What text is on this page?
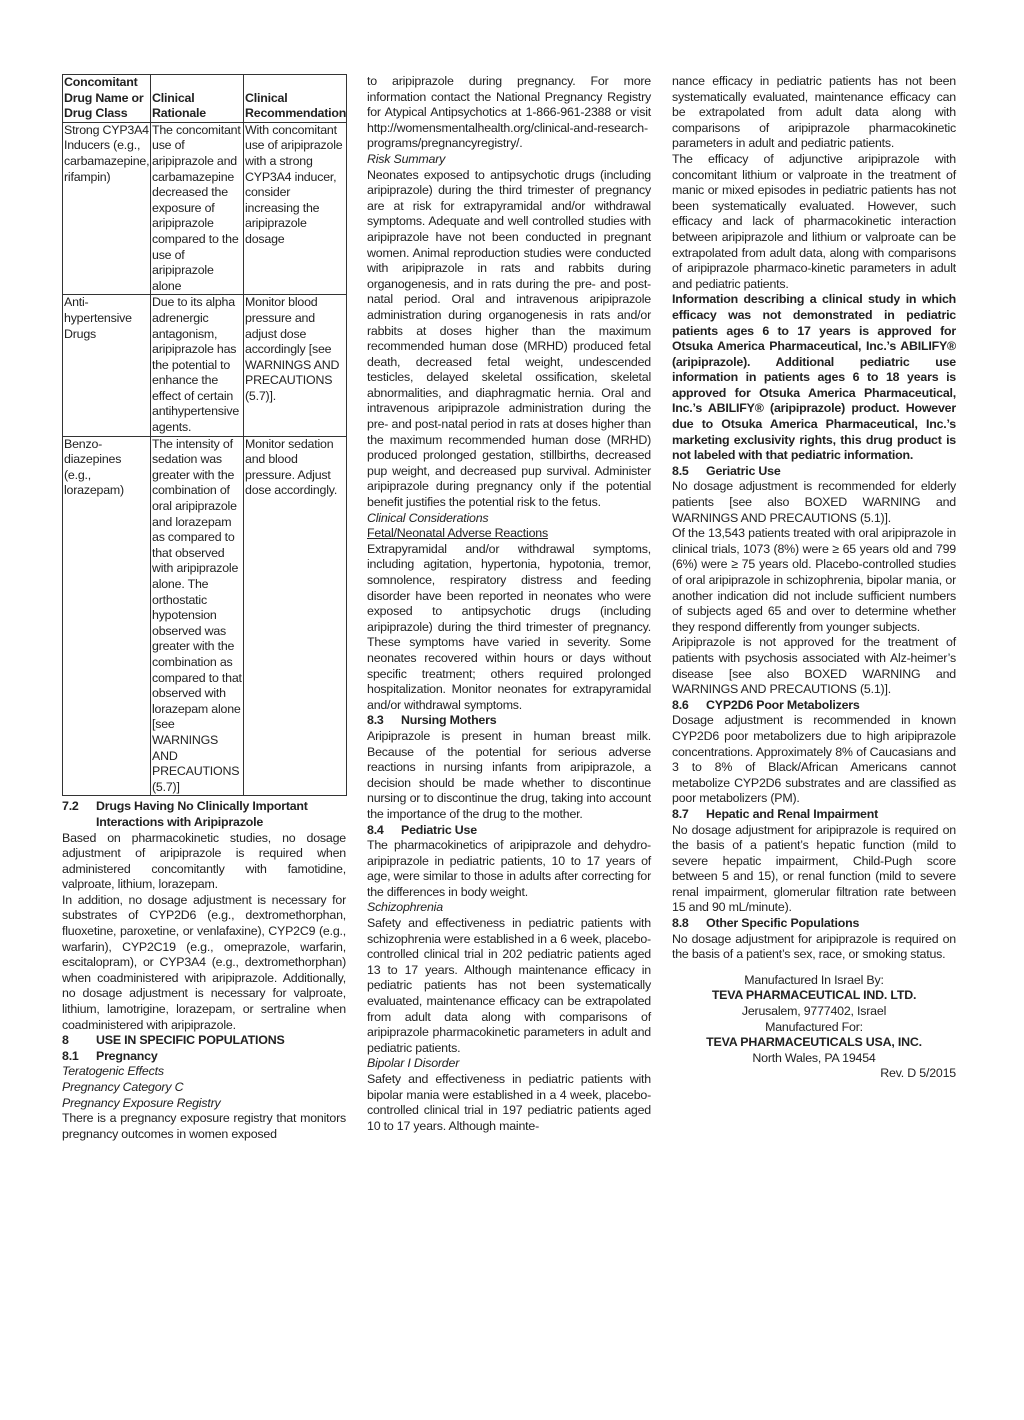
Concomitant Drug Name or Drug Class	Clinical Rationale	Clinical Recommendation
Strong CYP3A4 Inducers (e.g., carbamazepine, rifampin)	The concomitant use of aripiprazole and carbamazepine decreased the exposure of aripiprazole compared to the use of aripiprazole alone	With concomitant use of aripiprazole with a strong CYP3A4 inducer, consider increasing the aripiprazole dosage
Anti-hypertensive Drugs	Due to its alpha adrenergic antagonism, aripiprazole has the potential to enhance the effect of certain antihypertensive agents.	Monitor blood pressure and adjust dose accordingly [see WARNINGS AND PRECAUTIONS (5.7)].
Benzo-diazepines (e.g., lorazepam)	The intensity of sedation was greater with the combination of oral aripiprazole and lorazepam as compared to that observed with aripiprazole alone. The orthostatic hypotension observed was greater with the combination as compared to that observed with lorazepam alone [see WARNINGS AND PRECAUTIONS (5.7)]	Monitor sedation and blood pressure. Adjust dose accordingly.
7.2	Drugs Having No Clinically Important Interactions with Aripiprazole

Based on pharmacokinetic studies, no dosage adjustment of aripiprazole is required when administered concomitantly with famotidine, valproate, lithium, lorazepam.

In addition, no dosage adjustment is necessary for substrates of CYP2D6 (e.g., dextromethorphan, fluoxetine, paroxetine, or venlafaxine), CYP2C9 (e.g., warfarin), CYP2C19 (e.g., omeprazole, warfarin, escitalopram), or CYP3A4 (e.g., dextromethorphan) when coadministered with aripiprazole. Additionally, no dosage adjustment is necessary for valproate, lithium, lamotrigine, lorazepam, or sertraline when coadministered with aripiprazole.

8	USE IN SPECIFIC POPULATIONS
8.1	Pregnancy

Teratogenic Effects

Pregnancy Category C

Pregnancy Exposure Registry

There is a pregnancy exposure registry that monitors pregnancy outcomes in women exposed

to aripiprazole during pregnancy. For more information contact the National Pregnancy Registry for Atypical Antipsychotics at 1-866-961-2388 or visit http://womensmentalhealth.org/clinical-and-research-programs/pregnancyregistry/.

Risk Summary

Neonates exposed to antipsychotic drugs (including aripiprazole) during the third trimester of pregnancy are at risk for extrapyramidal and/or withdrawal symptoms. Adequate and well controlled studies with aripiprazole have not been conducted in pregnant women. Animal reproduction studies were conducted with aripiprazole in rats and rabbits during organogenesis, and in rats during the pre- and post-natal period. Oral and intravenous aripiprazole administration during organogenesis in rats and/or rabbits at doses higher than the maximum recommended human dose (MRHD) produced fetal death, decreased fetal weight, undescended testicles, delayed skeletal ossification, skeletal abnormalities, and diaphragmatic hernia. Oral and intravenous aripiprazole administration during the pre- and post-natal period in rats at doses higher than the maximum recommended human dose (MRHD) produced prolonged gestation, stillbirths, decreased pup weight, and decreased pup survival. Administer aripiprazole during pregnancy only if the potential benefit justifies the potential risk to the fetus.

Clinical Considerations

Fetal/Neonatal Adverse Reactions

Extrapyramidal and/or withdrawal symptoms, including agitation, hypertonia, hypotonia, tremor, somnolence, respiratory distress and feeding disorder have been reported in neonates who were exposed to antipsychotic drugs (including aripiprazole) during the third trimester of pregnancy. These symptoms have varied in severity. Some neonates recovered within hours or days without specific treatment; others required prolonged hospitalization. Monitor neonates for extrapyramidal and/or withdrawal symptoms.

8.3	Nursing Mothers

Aripiprazole is present in human breast milk. Because of the potential for serious adverse reactions in nursing infants from aripiprazole, a decision should be made whether to discontinue nursing or to discontinue the drug, taking into account the importance of the drug to the mother.

8.4	Pediatric Use

The pharmacokinetics of aripiprazole and dehydro-aripiprazole in pediatric patients, 10 to 17 years of age, were similar to those in adults after correcting for the differences in body weight.

Schizophrenia

Safety and effectiveness in pediatric patients with schizophrenia were established in a 6 week, placebo-controlled clinical trial in 202 pediatric patients aged 13 to 17 years. Although maintenance efficacy in pediatric patients has not been systematically evaluated, maintenance efficacy can be extrapolated from adult data along with comparisons of aripiprazole pharmacokinetic parameters in adult and pediatric patients.

Bipolar I Disorder

Safety and effectiveness in pediatric patients with bipolar mania were established in a 4 week, placebo-controlled clinical trial in 197 pediatric patients aged 10 to 17 years. Although mainte-

nance efficacy in pediatric patients has not been systematically evaluated, maintenance efficacy can be extrapolated from adult data along with comparisons of aripiprazole pharmacokinetic parameters in adult and pediatric patients.

The efficacy of adjunctive aripiprazole with concomitant lithium or valproate in the treatment of manic or mixed episodes in pediatric patients has not been systematically evaluated. However, such efficacy and lack of pharmacokinetic interaction between aripiprazole and lithium or valproate can be extrapolated from adult data, along with comparisons of aripiprazole pharmaco-kinetic parameters in adult and pediatric patients.

Information describing a clinical study in which efficacy was not demonstrated in pediatric patients ages 6 to 17 years is approved for Otsuka America Pharmaceutical, Inc.’s ABILIFY® (aripiprazole). Additional pediatric use information in patients ages 6 to 18 years is approved for Otsuka America Pharmaceutical, Inc.’s ABILIFY® (aripiprazole) product. However due to Otsuka America Pharmaceutical, Inc.’s marketing exclusivity rights, this drug product is not labeled with that pediatric information.

8.5	Geriatric Use

No dosage adjustment is recommended for elderly patients [see also BOXED WARNING and WARNINGS AND PRECAUTIONS (5.1)].

Of the 13,543 patients treated with oral aripiprazole in clinical trials, 1073 (8%) were ≥ 65 years old and 799 (6%) were ≥ 75 years old. Placebo-controlled studies of oral aripiprazole in schizophrenia, bipolar mania, or another indication did not include sufficient numbers of subjects aged 65 and over to determine whether they respond differently from younger subjects.

Aripiprazole is not approved for the treatment of patients with psychosis associated with Alz-heimer’s disease [see also BOXED WARNING and WARNINGS AND PRECAUTIONS (5.1)].

8.6	CYP2D6 Poor Metabolizers

Dosage adjustment is recommended in known CYP2D6 poor metabolizers due to high aripiprazole concentrations. Approximately 8% of Caucasians and 3 to 8% of Black/African Americans cannot metabolize CYP2D6 substrates and are classified as poor metabolizers (PM).

8.7	Hepatic and Renal Impairment

No dosage adjustment for aripiprazole is required on the basis of a patient’s hepatic function (mild to severe hepatic impairment, Child-Pugh score between 5 and 15), or renal function (mild to severe renal impairment, glomerular filtration rate between 15 and 90 mL/minute).

8.8	Other Specific Populations

No dosage adjustment for aripiprazole is required on the basis of a patient’s sex, race, or smoking status.

Manufactured In Israel By:

TEVA PHARMACEUTICAL IND. LTD.

Jerusalem, 9777402, Israel

Manufactured For:

TEVA PHARMACEUTICALS USA, INC.

North Wales, PA 19454

Rev. D 5/2015
